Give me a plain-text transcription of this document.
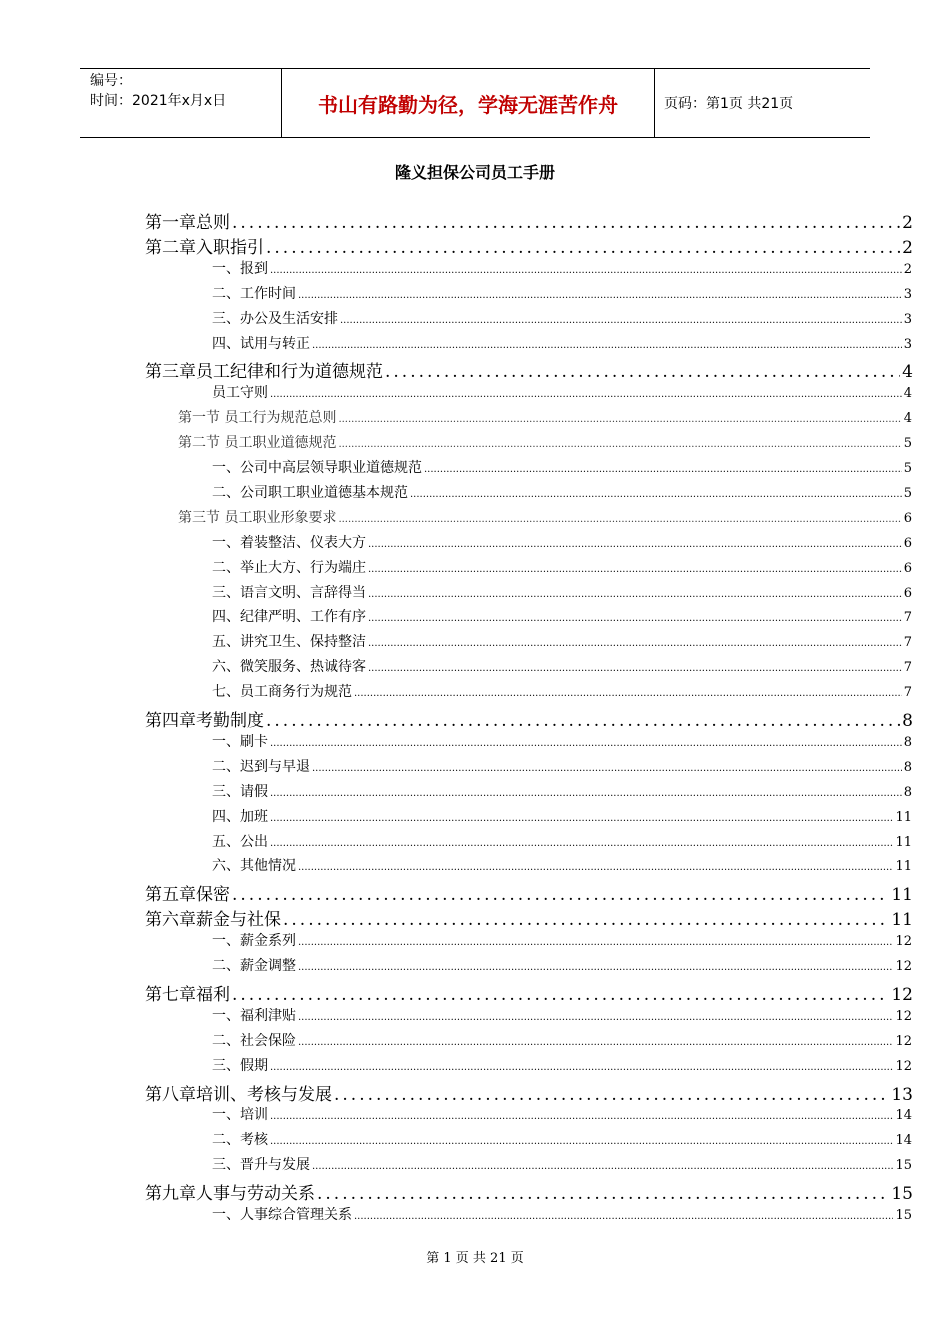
编号：
时间：2021年x月x日	书山有路勤为径，学海无涯苦作舟	页码：第1页 共21页
隆义担保公司员工手册
第一章 总则 .....	2
第二章 入职指引 .....	2
一、报到 .....	2
二、工作时间 .....	3
三、办公及生活安排 .....	3
四、试用与转正 .....	3
第三章 员工纪律和行为道德规范 .....	4
员工守则 .....	4
第一节 员工行为规范总则 .....	4
第二节 员工职业道德规范 .....	5
一、公司中高层领导职业道德规范 .....	5
二、公司职工职业道德基本规范 .....	5
第三节 员工职业形象要求 .....	6
一、着装整洁、仪表大方 .....	6
二、举止大方、行为端庄 .....	6
三、语言文明、言辞得当 .....	6
四、纪律严明、工作有序 .....	7
五、讲究卫生、保持整洁 .....	7
六、微笑服务、热诚待客 .....	7
七、员工商务行为规范 .....	7
第四章 考勤制度 .....	8
一、刷卡 .....	8
二、迟到与早退 .....	8
三、请假 .....	8
四、加班 .....	11
五、公出 .....	11
六、其他情况 .....	11
第五章 保密 .....	11
第六章 薪金与社保 .....	11
一、薪金系列 .....	12
二、薪金调整 .....	12
第七章 福利 .....	12
一、福利津贴 .....	12
二、社会保险 .....	12
三、假期 .....	12
第八章 培训、考核与发展 .....	13
一、培训 .....	14
二、考核 .....	14
三、晋升与发展 .....	15
第九章 人事与劳动关系 .....	15
一、人事综合管理关系 .....	15
第 1 页 共 21 页
